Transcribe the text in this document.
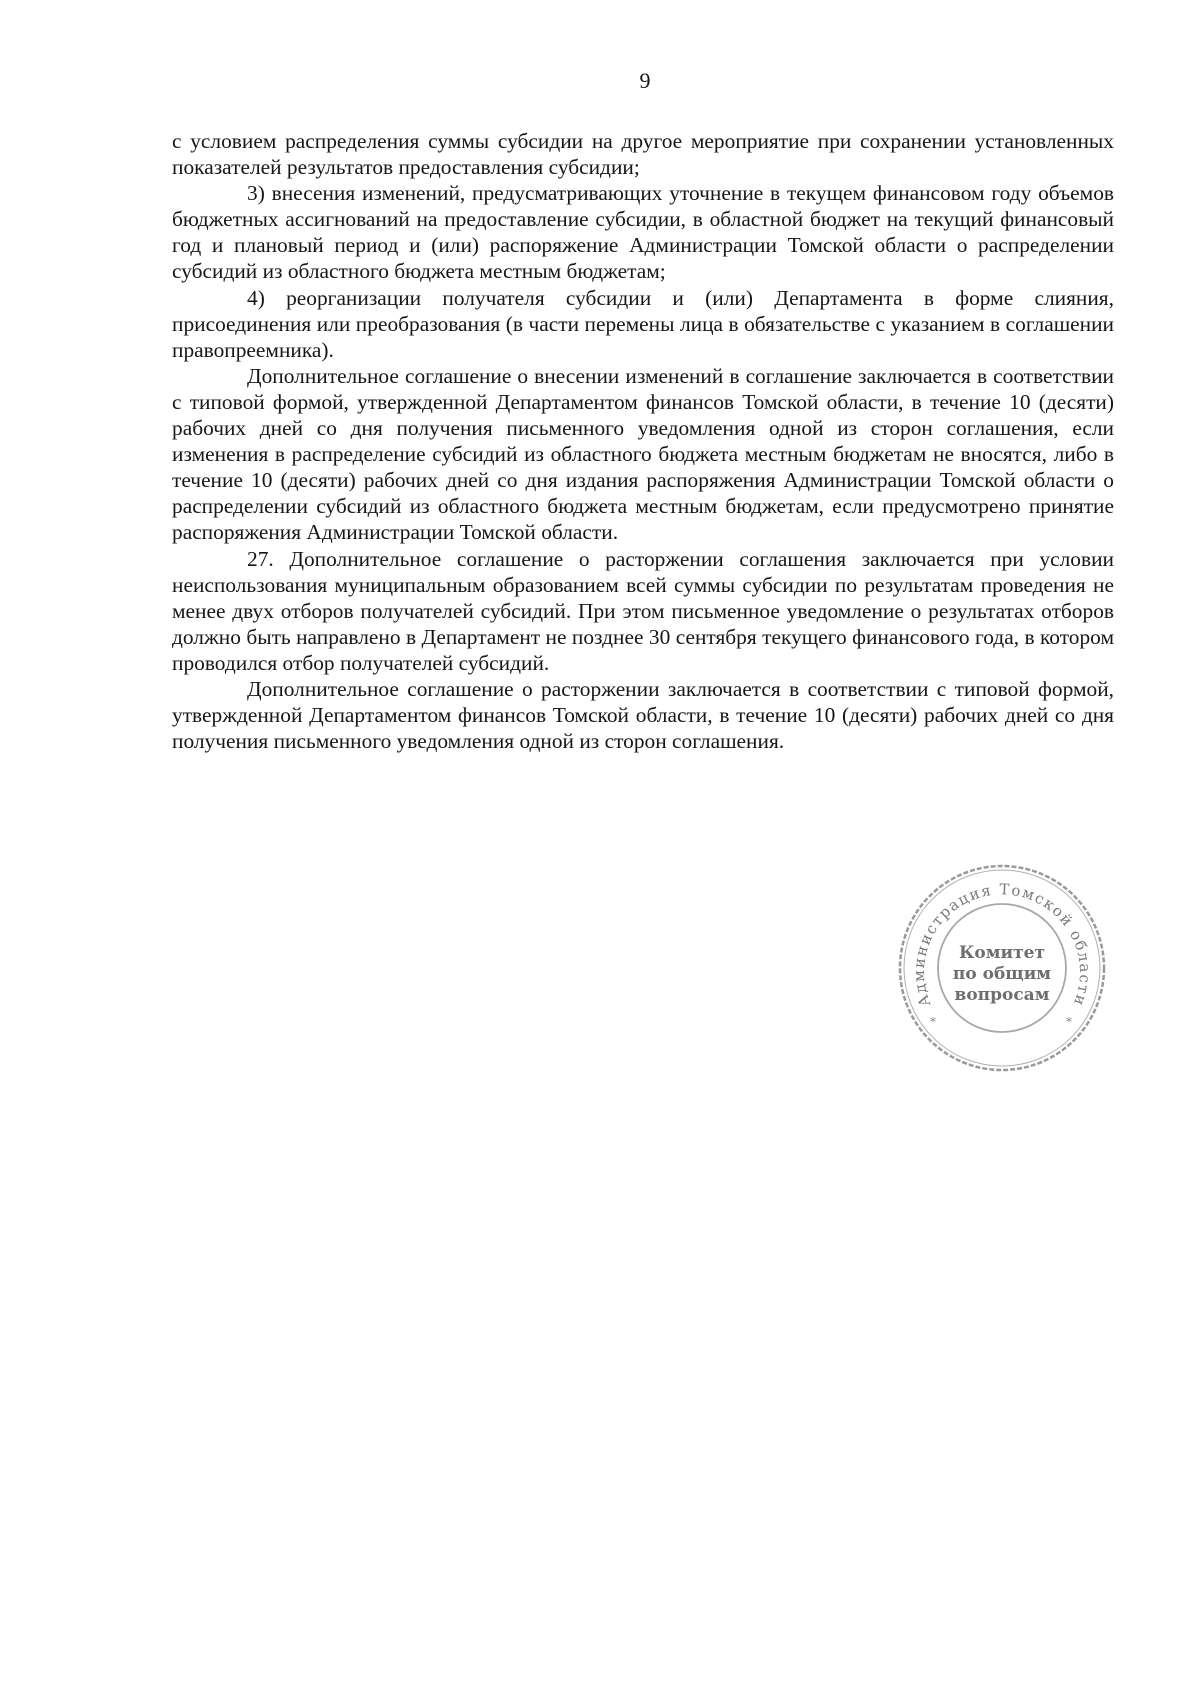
9

с условием распределения суммы субсидии на другое мероприятие при сохранении установленных показателей результатов предоставления субсидии;

3) внесения изменений, предусматривающих уточнение в текущем финансовом году объемов бюджетных ассигнований на предоставление субсидии, в областной бюджет на текущий финансовый год и плановый период и (или) распоряжение Администрации Томской области о распределении субсидий из областного бюджета местным бюджетам;

4) реорганизации получателя субсидии и (или) Департамента в форме слияния, присоединения или преобразования (в части перемены лица в обязательстве с указанием в соглашении правопреемника).

Дополнительное соглашение о внесении изменений в соглашение заключается в соответствии с типовой формой, утвержденной Департаментом финансов Томской области, в течение 10 (десяти) рабочих дней со дня получения письменного уведомления одной из сторон соглашения, если изменения в распределение субсидий из областного бюджета местным бюджетам не вносятся, либо в течение 10 (десяти) рабочих дней со дня издания распоряжения Администрации Томской области о распределении субсидий из областного бюджета местным бюджетам, если предусмотрено принятие распоряжения Администрации Томской области.

27. Дополнительное соглашение о расторжении соглашения заключается при условии неиспользования муниципальным образованием всей суммы субсидии по результатам проведения не менее двух отборов получателей субсидий. При этом письменное уведомление о результатах отборов должно быть направлено в Департамент не позднее 30 сентября текущего финансового года, в котором проводился отбор получателей субсидий.

Дополнительное соглашение о расторжении заключается в соответствии с типовой формой, утвержденной Департаментом финансов Томской области, в течение 10 (десяти) рабочих дней со дня получения письменного уведомления одной из сторон соглашения.

Администрация Томской области
*	*
Комитет
по общим
вопросам
